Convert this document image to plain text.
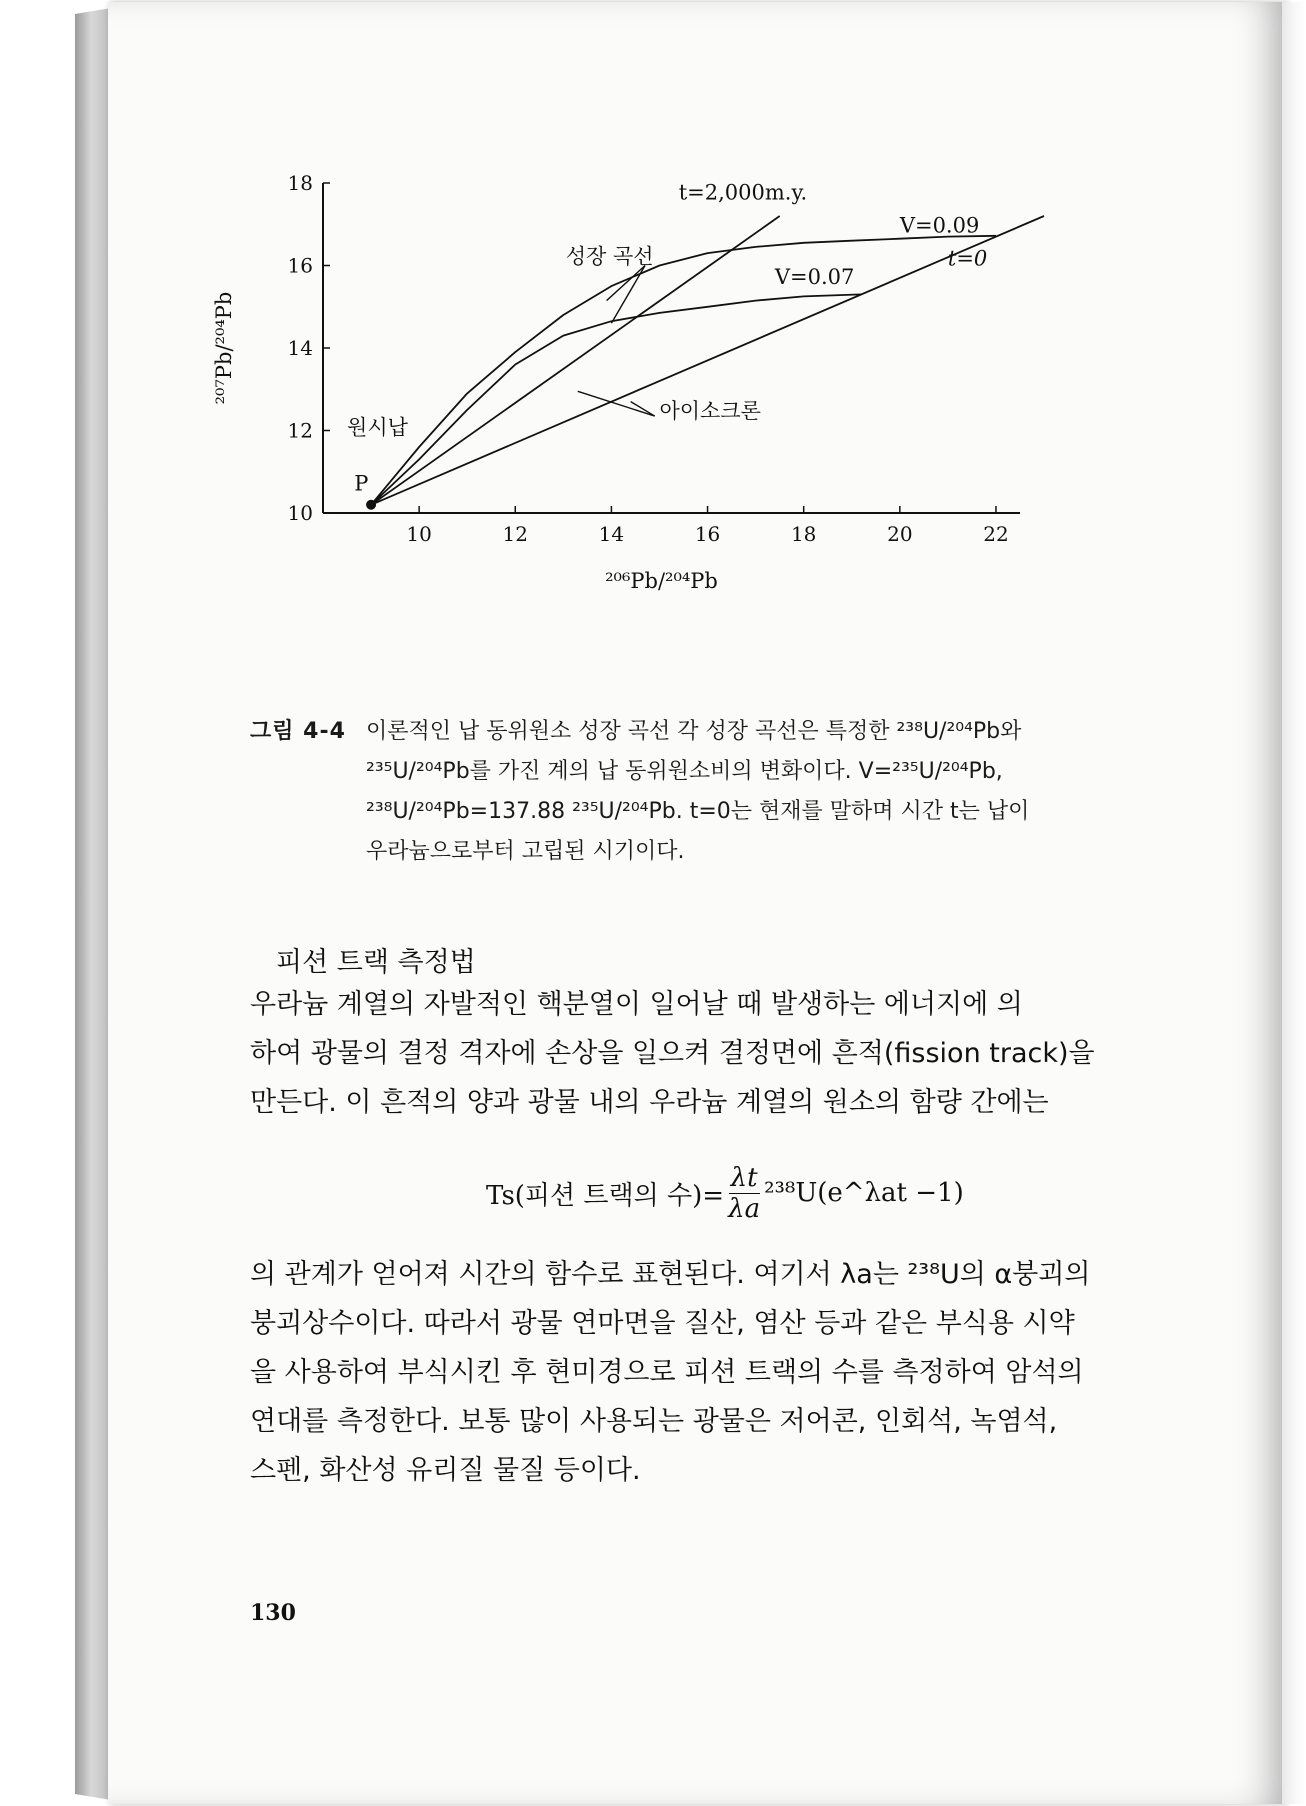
10	12	14	16	18	20	22
10
12
14
16
18
²⁰⁶Pb/²⁰⁴Pb
²⁰⁷Pb/²⁰⁴Pb
P
원시납
성장 곡선
t=2,000m.y.
V=0.09
t=0
V=0.07
아이소크론
그림 4-4 이론적인 납 동위원소 성장 곡선 각 성장 곡선은 특정한 ²³⁸U/²⁰⁴Pb와
²³⁵U/²⁰⁴Pb를 가진 계의 납 동위원소비의 변화이다. V=²³⁵U/²⁰⁴Pb,
²³⁸U/²⁰⁴Pb=137.88 ²³⁵U/²⁰⁴Pb. t=0는 현재를 말하며 시간 t는 납이
우라늄으로부터 고립된 시기이다.
피션 트랙 측정법
우라늄 계열의 자발적인 핵분열이 일어날 때 발생하는 에너지에 의
하여 광물의 결정 격자에 손상을 일으켜 결정면에 흔적(fission track)을
만든다. 이 흔적의 양과 광물 내의 우라늄 계열의 원소의 함량 간에는
Ts(피션 트랙의 수)= $\frac{\lambda t}{\lambda a}$ ²³⁸U(e^λat −1)
의 관계가 얻어져 시간의 함수로 표현된다. 여기서 λa는 ²³⁸U의 α붕괴의
붕괴상수이다. 따라서 광물 연마면을 질산, 염산 등과 같은 부식용 시약
을 사용하여 부식시킨 후 현미경으로 피션 트랙의 수를 측정하여 암석의
연대를 측정한다. 보통 많이 사용되는 광물은 저어콘, 인회석, 녹염석,
스펜, 화산성 유리질 물질 등이다.
130
